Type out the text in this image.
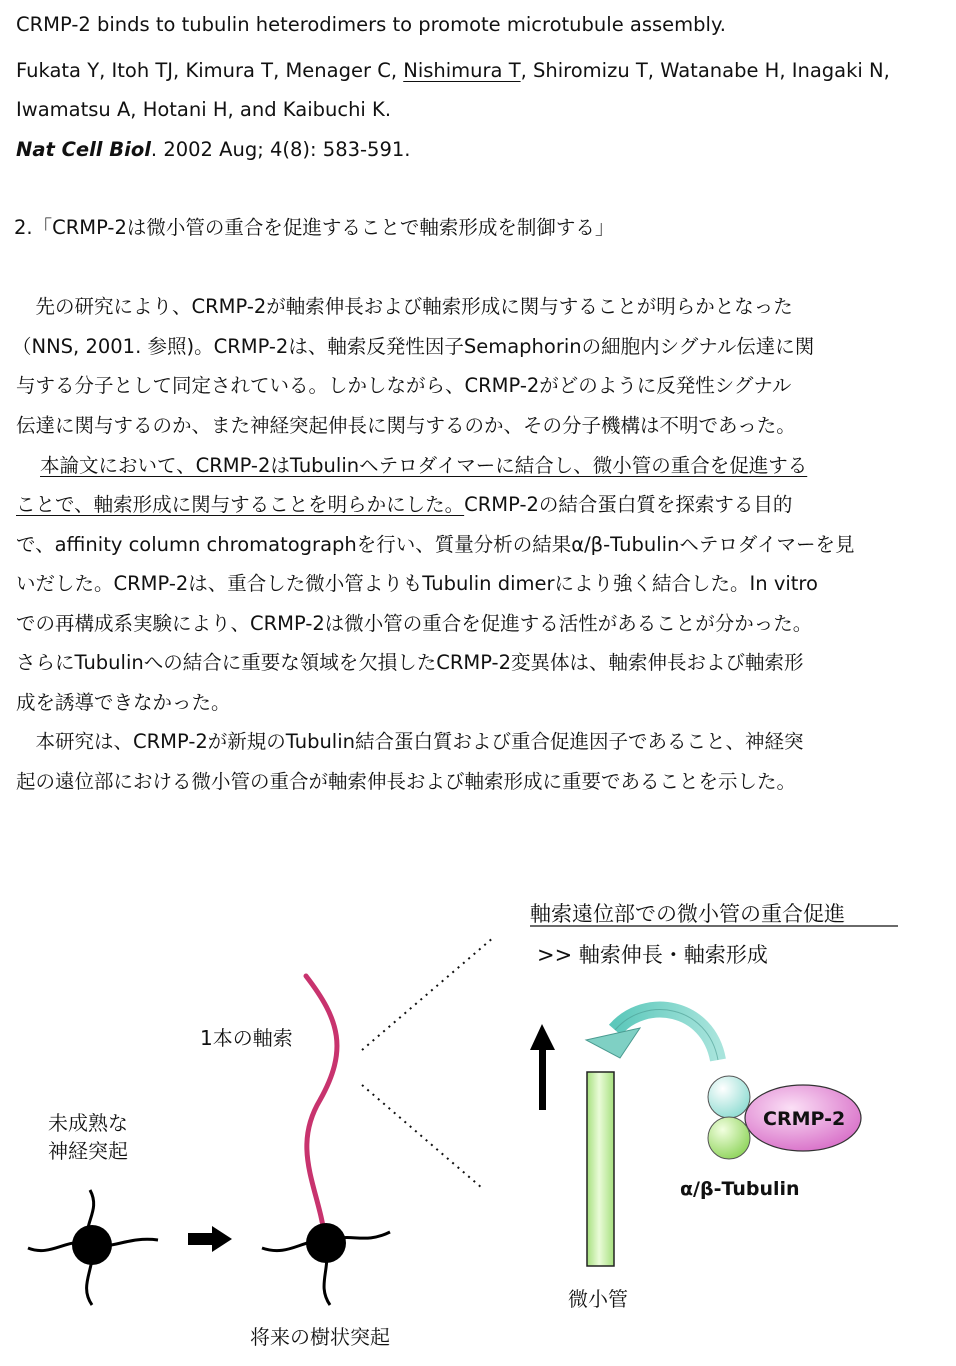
CRMP-2 binds to tubulin heterodimers to promote microtubule assembly.
Fukata Y, Itoh TJ, Kimura T, Menager C, Nishimura T, Shiromizu T, Watanabe H, Inagaki N,
Iwamatsu A, Hotani H, and Kaibuchi K.
Nat Cell Biol. 2002 Aug; 4(8): 583-591.
2.「CRMP-2は微小管の重合を促進することで軸索形成を制御する」
　先の研究により、CRMP-2が軸索伸長および軸索形成に関与することが明らかとなった
（NNS, 2001. 参照)。CRMP-2は、軸索反発性因子Semaphorinの細胞内シグナル伝達に関
与する分子として同定されている。しかしながら、CRMP-2がどのように反発性シグナル
伝達に関与するのか、また神経突起伸長に関与するのか、その分子機構は不明であった。
本論文において、CRMP-2はTubulinヘテロダイマーに結合し、微小管の重合を促進する
ことで、軸索形成に関与することを明らかにした。CRMP-2の結合蛋白質を探索する目的
で、affinity column chromatographを行い、質量分析の結果α/β-Tubulinヘテロダイマーを見
いだした。CRMP-2は、重合した微小管よりもTubulin dimerにより強く結合した。In vitro
での再構成系実験により、CRMP-2は微小管の重合を促進する活性があることが分かった。
さらにTubulinへの結合に重要な領域を欠損したCRMP-2変異体は、軸索伸長および軸索形
成を誘導できなかった。
　本研究は、CRMP-2が新規のTubulin結合蛋白質および重合促進因子であること、神経突
起の遠位部における微小管の重合が軸索伸長および軸索形成に重要であることを示した。
軸索遠位部での微小管の重合促進
>> 軸索伸長・軸索形成
未成熟な
神経突起
1本の軸索
将来の樹状突起
微小管
CRMP-2
α/β-Tubulin
